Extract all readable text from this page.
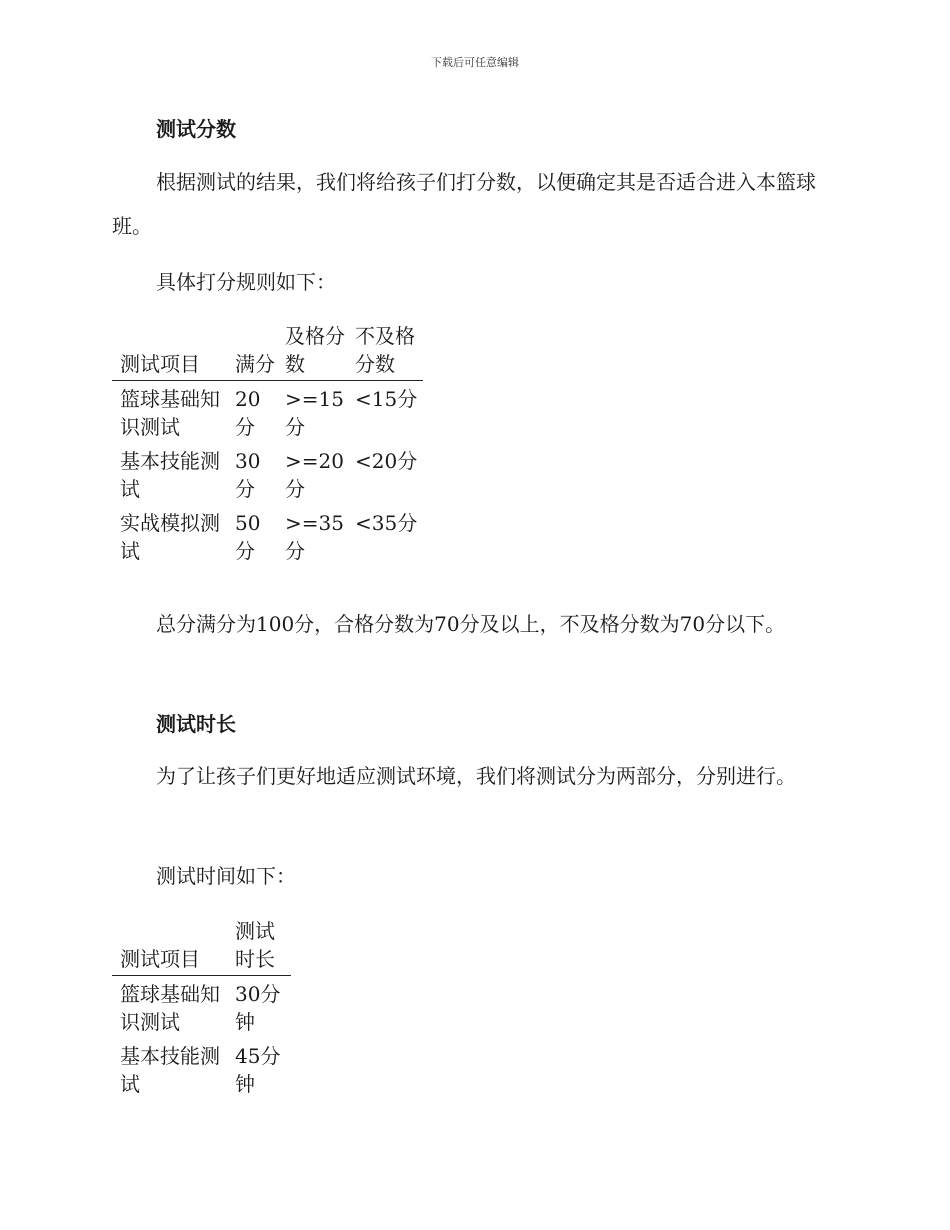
下载后可任意编辑
测试分数
根据测试的结果，我们将给孩子们打分数，以便确定其是否适合进入本篮球班。
具体打分规则如下：
测试项目	满分	及格分数	不及格分数
篮球基础知识测试	20分	>=15分	<15分
基本技能测试	30分	>=20分	<20分
实战模拟测试	50分	>=35分	<35分
总分满分为100分，合格分数为70分及以上，不及格分数为70分以下。
测试时长
为了让孩子们更好地适应测试环境，我们将测试分为两部分，分别进行。
测试时间如下：
测试项目	测试时长
篮球基础知识测试	30分钟
基本技能测试	45分钟
